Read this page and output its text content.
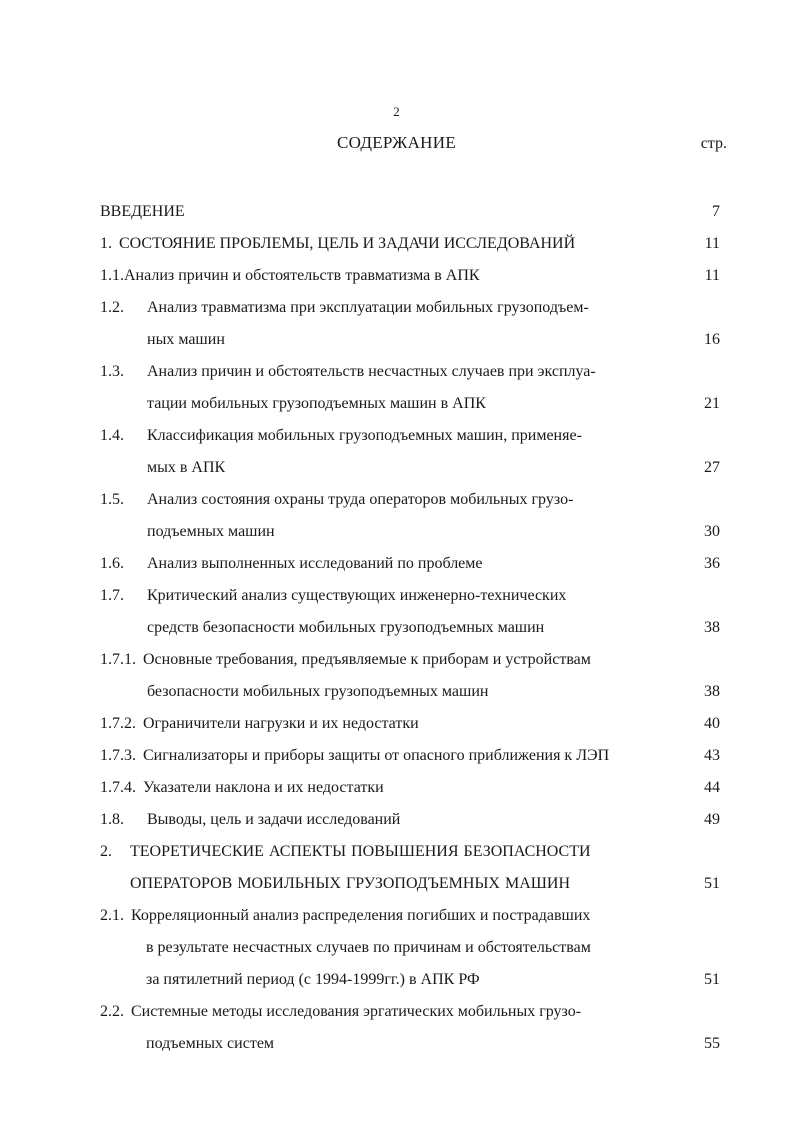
2
СОДЕРЖАНИЕ	стр.
ВВЕДЕНИЕ	7
1. СОСТОЯНИЕ ПРОБЛЕМЫ, ЦЕЛЬ И ЗАДАЧИ ИССЛЕДОВАНИЙ	11
1.1.Анализ причин и обстоятельств травматизма в АПК	11
1.2. Анализ травматизма при эксплуатации мобильных грузоподъем-
ных машин	16
1.3. Анализ причин и обстоятельств несчастных случаев при эксплуа-
тации мобильных грузоподъемных машин в АПК	21
1.4. Классификация мобильных грузоподъемных машин, применяе-
мых в АПК	27
1.5. Анализ состояния охраны труда операторов мобильных грузо-
подъемных машин	30
1.6. Анализ выполненных исследований по проблеме	36
1.7. Критический анализ существующих инженерно-технических
средств безопасности мобильных грузоподъемных машин	38
1.7.1. Основные требования, предъявляемые к приборам и устройствам
безопасности мобильных грузоподъемных машин	38
1.7.2. Ограничители нагрузки и их недостатки	40
1.7.3. Сигнализаторы и приборы защиты от опасного приближения к ЛЭП	43
1.7.4. Указатели наклона и их недостатки	44
1.8. Выводы, цель и задачи исследований	49
2. ТЕОРЕТИЧЕСКИЕ АСПЕКТЫ ПОВЫШЕНИЯ БЕЗОПАСНОСТИ
ОПЕРАТОРОВ МОБИЛЬНЫХ ГРУЗОПОДЪЕМНЫХ МАШИН	51
2.1. Корреляционный анализ распределения погибших и пострадавших
в результате несчастных случаев по причинам и обстоятельствам
за пятилетний период (с 1994-1999гг.) в АПК РФ	51
2.2. Системные методы исследования эргатических мобильных грузо-
подъемных систем	55
